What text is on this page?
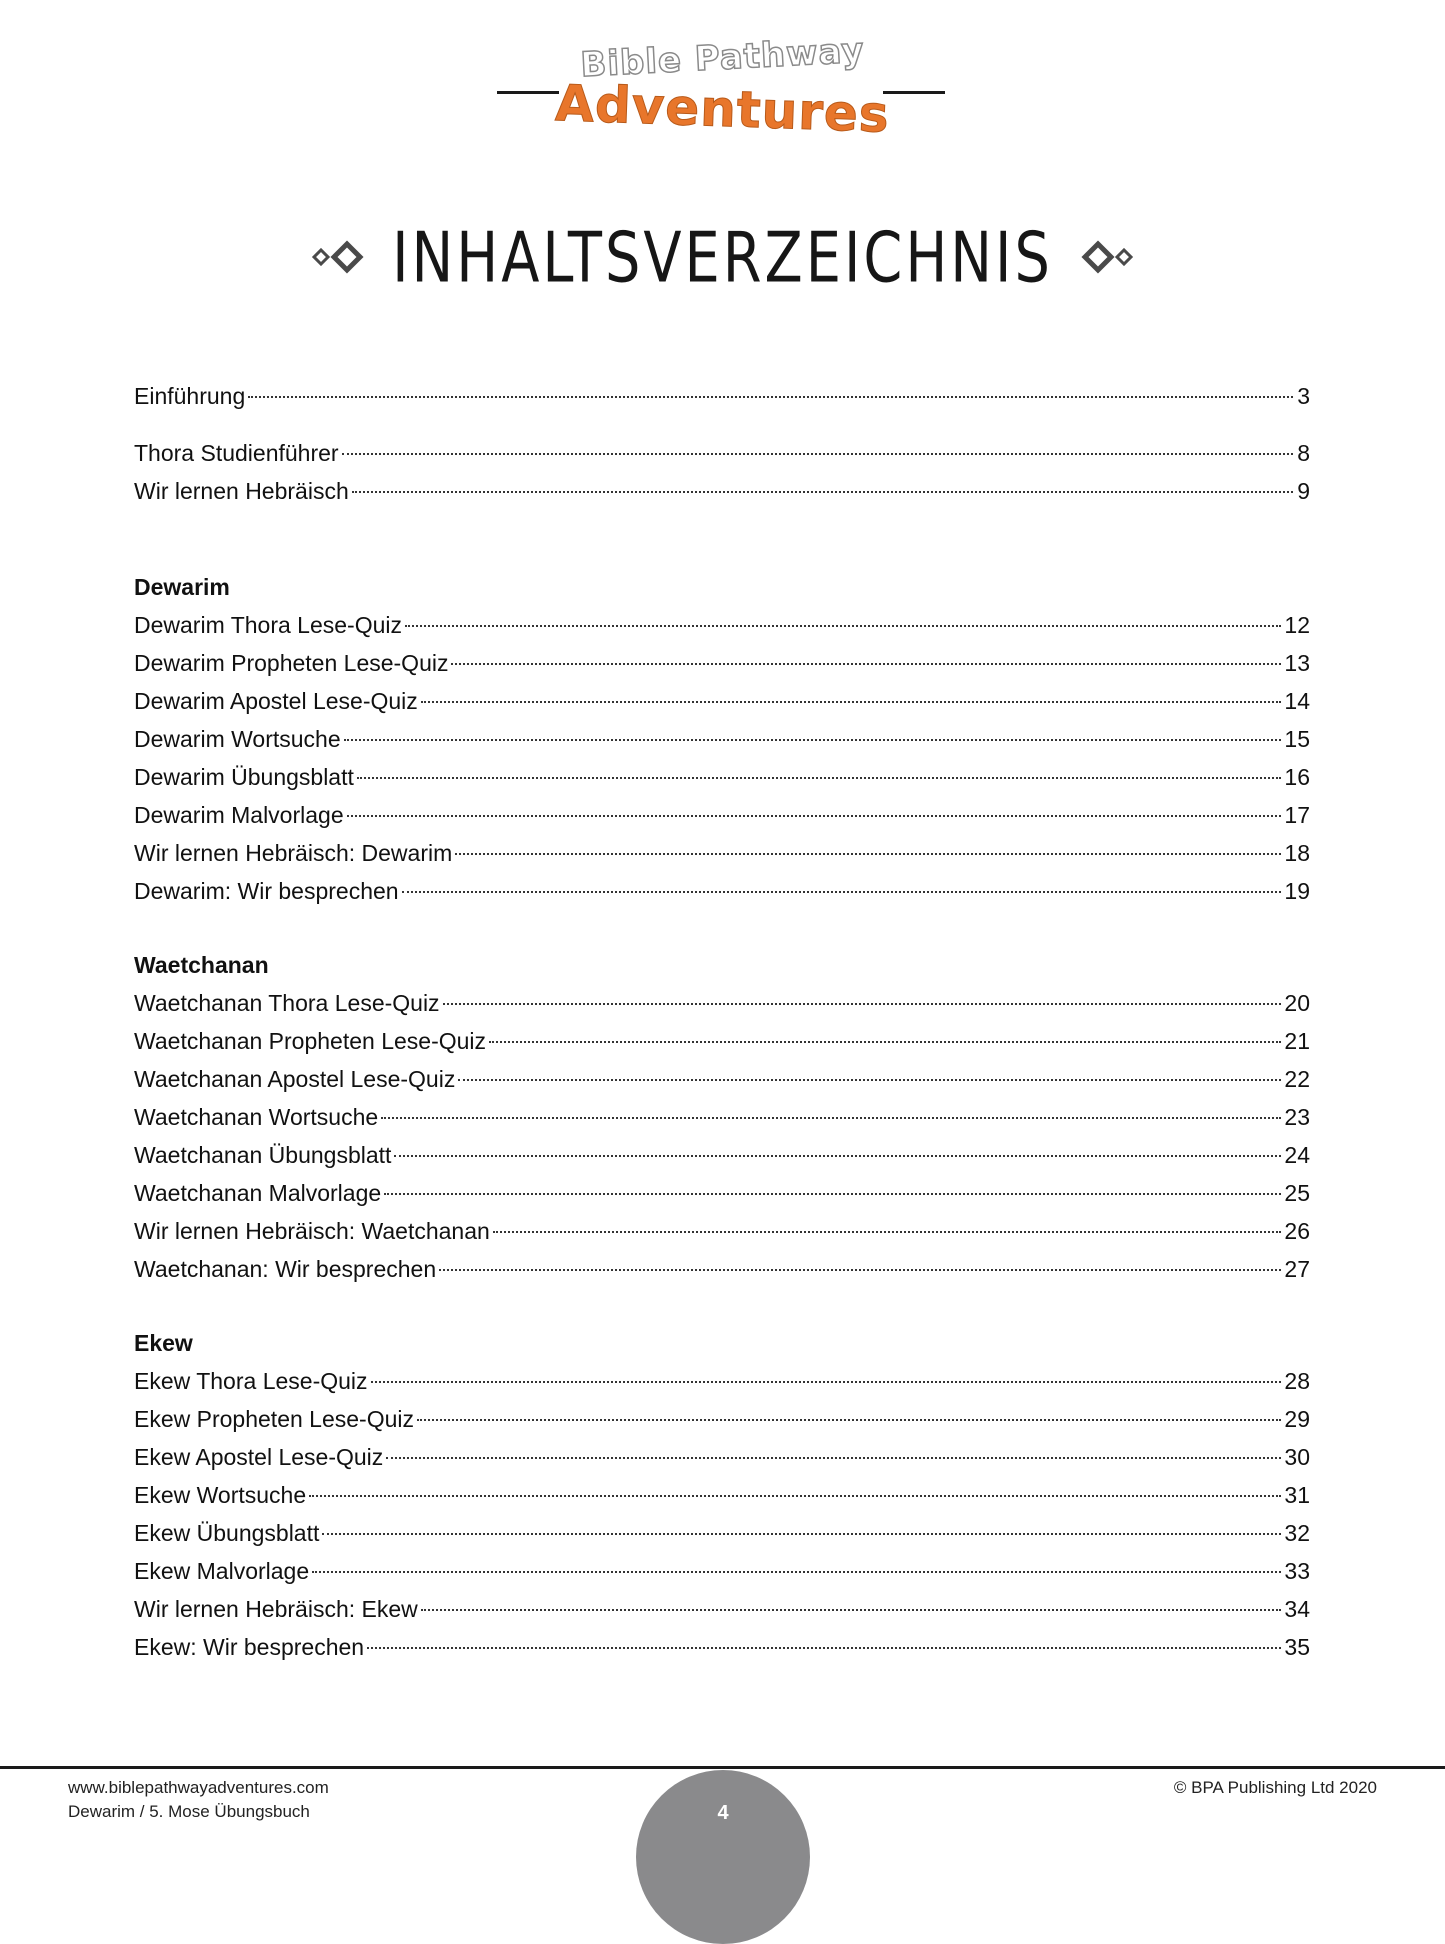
Bible Pathway
Adventures
INHALTSVERZEICHNIS
Einführung	3
Thora Studienführer	8
Wir lernen Hebräisch	9
Dewarim
Dewarim Thora Lese-Quiz	12
Dewarim Propheten Lese-Quiz	13
Dewarim Apostel Lese-Quiz	14
Dewarim Wortsuche	15
Dewarim Übungsblatt	16
Dewarim Malvorlage	17
Wir lernen Hebräisch: Dewarim	18
Dewarim: Wir besprechen	19
Waetchanan
Waetchanan Thora Lese-Quiz	20
Waetchanan Propheten Lese-Quiz	21
Waetchanan Apostel Lese-Quiz	22
Waetchanan Wortsuche	23
Waetchanan Übungsblatt	24
Waetchanan Malvorlage	25
Wir lernen Hebräisch: Waetchanan	26
Waetchanan: Wir besprechen	27
Ekew
Ekew Thora Lese-Quiz	28
Ekew Propheten Lese-Quiz	29
Ekew Apostel Lese-Quiz	30
Ekew Wortsuche	31
Ekew Übungsblatt	32
Ekew Malvorlage	33
Wir lernen Hebräisch: Ekew	34
Ekew: Wir besprechen	35
www.biblepathwayadventures.com
Dewarim / 5. Mose Übungsbuch
© BPA Publishing Ltd 2020
4
